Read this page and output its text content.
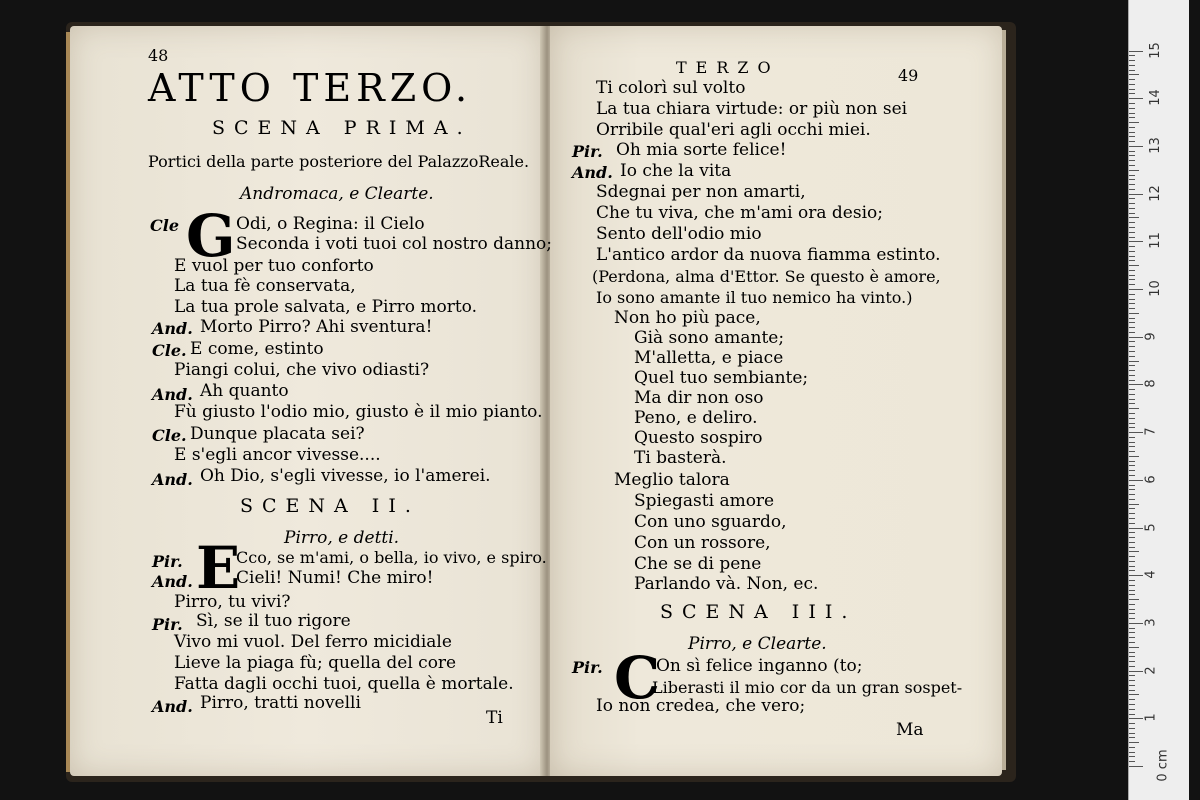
48
ATTO TERZO.
SCENA PRIMA.
Portici della parte posteriore del PalazzoReale.
Andromaca, e Clearte.
G
Cle	Odi, o Regina: il Cielo
Seconda i voti tuoi col nostro danno;
E vuol per tuo conforto
La tua fè conservata,
La tua prole salvata, e Pirro morto.
And. Morto Pirro? Ahi sventura!
Cle. E come, estinto
Piangi colui, che vivo odiasti?
And. Ah quanto
Fù giusto l'odio mio, giusto è il mio pianto.
Cle. Dunque placata sei?
E s'egli ancor vivesse....
And. Oh Dio, s'egli vivesse, io l'amerei.
SCENA II.
Pirro, e detti.
E
Pir.	Cco, se m'ami, o bella, io vivo, e spiro.
And.	Cieli! Numi! Che miro!
Pirro, tu vivi?
Pir. Sì, se il tuo rigore
Vivo mi vuol. Del ferro micidiale
Lieve la piaga fù; quella del core
Fatta dagli occhi tuoi, quella è mortale.
And. Pirro, tratti novelli
Ti
TERZO	49
Ti colorì sul volto
La tua chiara virtude: or più non sei
Orribile qual'eri agli occhi miei.
Pir. Oh mia sorte felice!
And. Io che la vita
Sdegnai per non amarti,
Che tu viva, che m'ami ora desio;
Sento dell'odio mio
L'antico ardor da nuova fiamma estinto.
(Perdona, alma d'Ettor. Se questo è amore,
Io sono amante il tuo nemico ha vinto.)
Non ho più pace,
Già sono amante;
M'alletta, e piace
Quel tuo sembiante;
Ma dir non oso
Peno, e deliro.
Questo sospiro
Ti basterà.
Meglio talora
Spiegasti amore
Con uno sguardo,
Con un rossore,
Che se di pene
Parlando và. Non, ec.
SCENA III.
Pirro, e Clearte.
C
Pir.	On sì felice inganno (to;
Liberasti il mio cor da un gran sospet-
Io non credea, che vero;
Ma
0 cm
1
2
3
4
5
6
7
8
9
10
11
12
13
14
15
